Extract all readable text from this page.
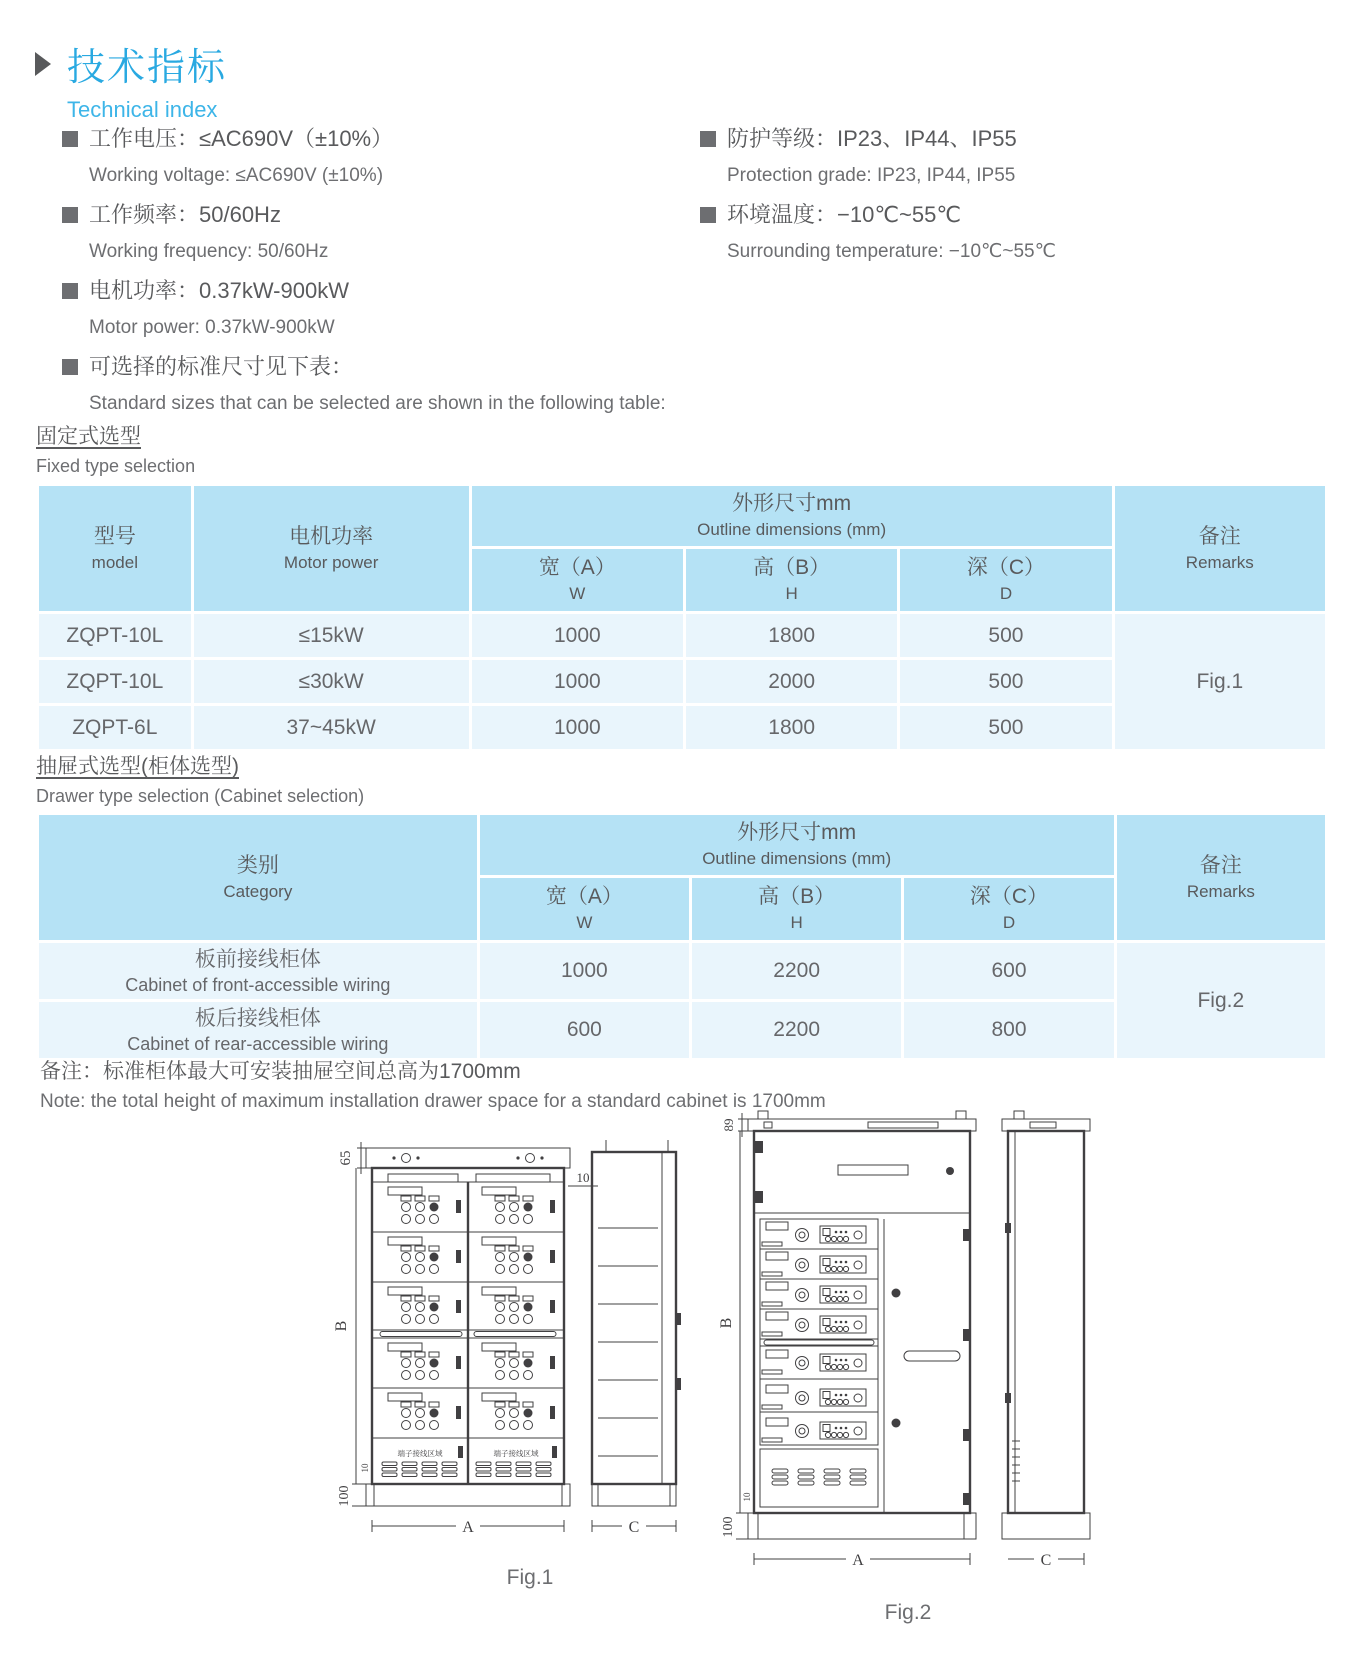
技术指标
Technical index
工作电压：≤AC690V（±10%）
Working voltage: ≤AC690V (±10%)
工作频率：50/60Hz
Working frequency: 50/60Hz
电机功率：0.37kW-900kW
Motor power: 0.37kW-900kW
可选择的标准尺寸见下表：
Standard sizes that can be selected are shown in the following table:
防护等级：IP23、IP44、IP55
Protection grade: IP23, IP44, IP55
环境温度：−10℃~55℃
Surrounding temperature: −10℃~55℃
固定式选型
Fixed type selection
型号
model

电机功率
Motor power

外形尺寸mm
Outline dimensions (mm)	备注
Remarks

宽（A）
W

高（B）
H

深（C）
D

ZQPT-10L	≤15kW	1000	1800	500	Fig.1
ZQPT-10L	≤30kW	1000	2000	500	
ZQPT-6L	37~45kW	1000	1800	500	
抽屉式选型(柜体选型)
Drawer type selection (Cabinet selection)
类别
Category

外形尺寸mm
Outline dimensions (mm)	备注
Remarks

宽（A）
W

高（B）
H

深（C）
D

板前接线柜体
Cabinet of front-accessible wiring	1000	2200	600	Fig.2

板后接线柜体
Cabinet of rear-accessible wiring	600	2200	800	
备注：标准柜体最大可安装抽屉空间总高为1700mm
Note: the total height of maximum installation drawer space for a standard cabinet is 1700mm
端子接线区域	端子接线区域
65
B
100
10
10
A	C
Fig.1
89
B
100
10
A	C
Fig.2
